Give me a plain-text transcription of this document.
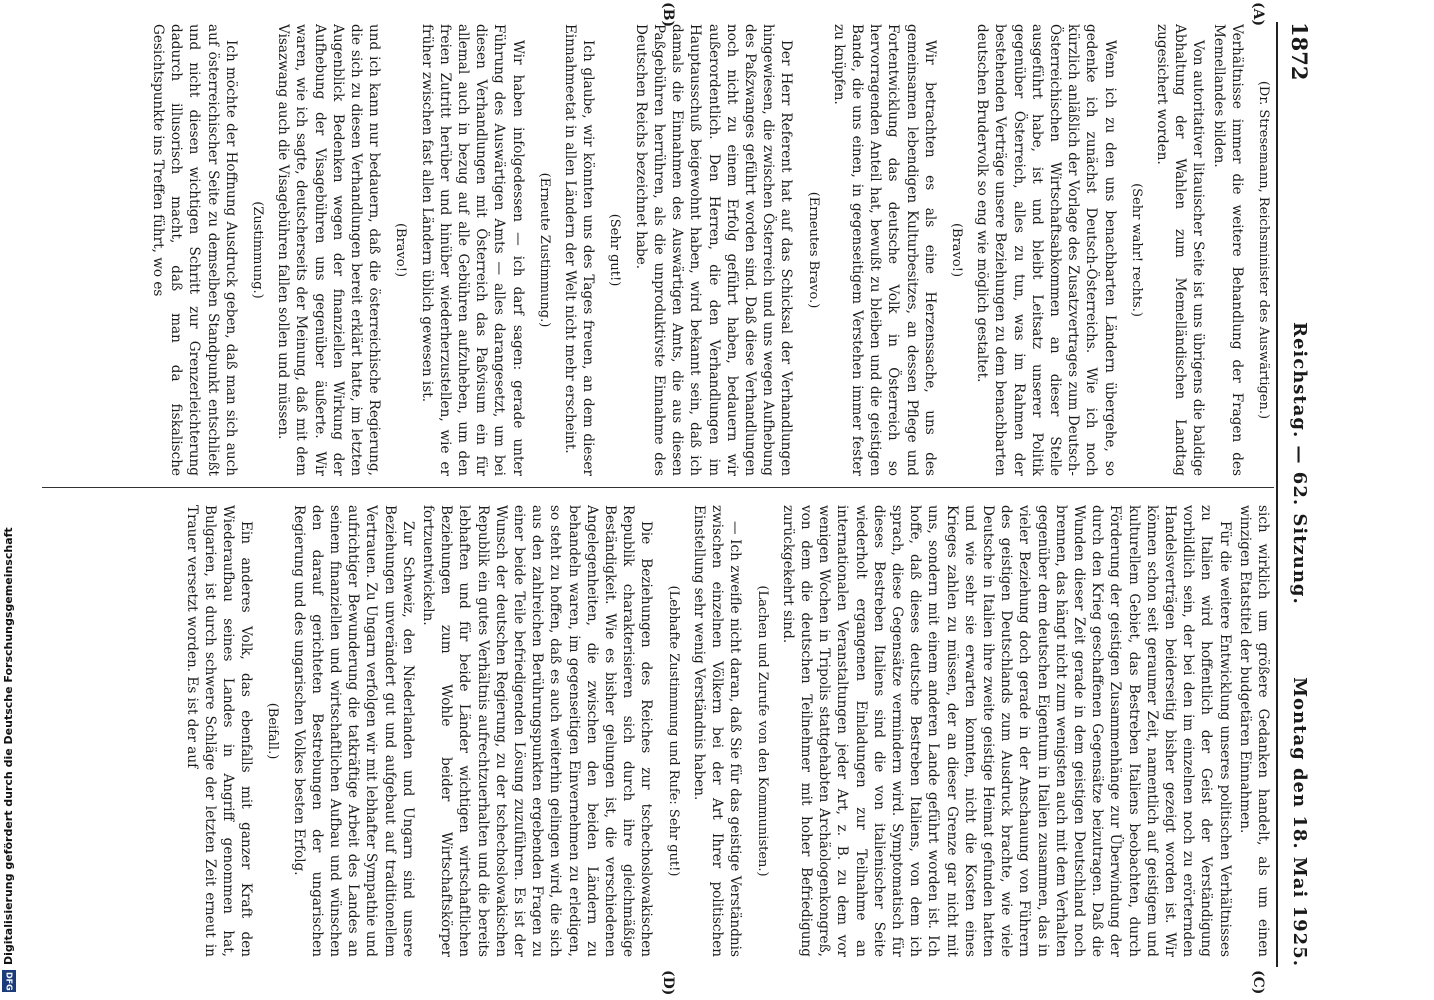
1872
Reichstag. — 62. Sitzung.
Montag den 18. Mai 1925.
(A)
(B)
(C)
(D)

(Dr. Stresemann, Reichsminister des Auswärtigen.)

Verhältnisse immer die weitere Behandlung der Fragen des Memellandes bilden.

Von autoritativer litauischer Seite ist uns übrigens die baldige Abhaltung der Wahlen zum Memelländischen Landtag zugesichert worden.

(Sehr wahr! rechts.)

Wenn ich zu den uns benachbarten Ländern übergehe, so gedenke ich zunächst Deutsch-Österreichs. Wie ich noch kürzlich anläßlich der Vorlage des Zusatzvertrages zum Deutsch-Österreichischen Wirtschaftsabkommen an dieser Stelle ausgeführt habe, ist und bleibt Leitsatz unserer Politik gegenüber Österreich, alles zu tun, was im Rahmen der bestehenden Verträge unsere Beziehungen zu dem benachbarten deutschen Brudervolk so eng wie möglich gestaltet.

(Bravo!)

Wir betrachten es als eine Herzenssache, uns des gemeinsamen lebendigen Kulturbesitzes, an dessen Pflege und Fortentwicklung das deutsche Volk in Österreich so hervorragenden Anteil hat, bewußt zu bleiben und die geistigen Bande, die uns einen, in gegenseitigem Verstehen immer fester zu knüpfen.

(Erneutes Bravo.)

Der Herr Referent hat auf das Schicksal der Verhandlungen hingewiesen, die zwischen Österreich und uns wegen Aufhebung des Paßzwanges geführt worden sind. Daß diese Verhandlungen noch nicht zu einem Erfolg geführt haben, bedauern wir außerordentlich. Den Herren, die den Verhandlungen im Hauptausschuß beigewohnt haben, wird bekannt sein, daß ich damals die Einnahmen des Auswärtigen Amts, die aus diesen Paßgebühren herrühren, als die unproduktivste Einnahme des Deutschen Reichs bezeichnet habe.

(Sehr gut!)

Ich glaube, wir könnten uns des Tages freuen, an dem dieser Einnahmeetat in allen Ländern der Welt nicht mehr erscheint.

(Erneute Zustimmung.)

Wir haben infolgedessen — ich darf sagen: gerade unter Führung des Auswärtigen Amts — alles darangesetzt, um bei diesen Verhandlungen mit Österreich das Paßvisum ein für allemal auch in bezug auf alle Gebühren aufzuheben, um den freien Zutritt herüber und hinüber wiederherzustellen, wie er früher zwischen fast allen Ländern üblich gewesen ist.

(Bravo!)

und ich kann nur bedauern, daß die österreichische Regierung, die sich zu diesen Verhandlungen bereit erklärt hatte, im letzten Augenblick Bedenken wegen der finanziellen Wirkung der Aufhebung der Visagebühren uns gegenüber äußerte. Wir waren, wie ich sagte, deutscherseits der Meinung, daß mit dem Visazwang auch die Visagebühren fallen sollen und müssen.

(Zustimmung.)

Ich möchte der Hoffnung Ausdruck geben, daß man sich auch auf österreichischer Seite zu demselben Standpunkt entschließt und nicht diesen wichtigen Schritt zur Grenzerleichterung dadurch illusorisch macht, daß man da fiskalische Gesichtspunkte ins Treffen führt, wo es

sich wirklich um größere Gedanken handelt, als um einen winzigen Etatstitel der budgetären Einnahmen.

Für die weitere Entwicklung unseres politischen Verhältnisses zu Italien wird hoffentlich der Geist der Verständigung vorbildlich sein, der bei den im einzelnen noch zu erörternden Handelsverträgen beiderseitig bisher gezeigt worden ist. Wir können schon seit geraumer Zeit, namentlich auf geistigem und kulturellem Gebiet, das Bestreben Italiens beobachten, durch Förderung der geistigen Zusammenhänge zur Überwindung der durch den Krieg geschaffenen Gegensätze beizutragen. Daß die Wunden dieser Zeit gerade in dem geistigen Deutschland noch brennen, das hängt nicht zum wenigsten auch mit dem Verhalten gegenüber dem deutschen Eigentum in Italien zusammen, das in vieler Beziehung doch gerade in der Anschauung von Führern des geistigen Deutschlands zum Ausdruck brachte, wie viele Deutsche in Italien ihre zweite geistige Heimat gefunden hatten und wie sehr sie erwarten konnten, nicht die Kosten eines Krieges zahlen zu müssen, der an dieser Grenze gar nicht mit uns, sondern mit einem anderen Lande geführt worden ist. Ich hoffe, daß dieses deutsche Bestreben Italiens, von dem ich sprach, diese Gegensätze vermindern wird. Symptomatisch für dieses Bestreben Italiens sind die von italienischer Seite wiederholt ergangenen Einladungen zur Teilnahme an internationalen Veranstaltungen jeder Art, z. B. zu dem vor wenigen Wochen in Tripolis stattgehabten Archäologenkongreß, von dem die deutschen Teilnehmer mit hoher Befriedigung zurückgekehrt sind.

(Lachen und Zurufe von den Kommunisten.)

— Ich zweifle nicht daran, daß Sie für das geistige Verständnis zwischen einzelnen Völkern bei der Art Ihrer politischen Einstellung sehr wenig Verständnis haben.

(Lebhafte Zustimmung und Rufe: Sehr gut!)

Die Beziehungen des Reiches zur tschechoslowakischen Republik charakterisieren sich durch ihre gleichmäßige Beständigkeit. Wie es bisher gelungen ist, die verschiedenen Angelegenheiten, die zwischen den beiden Ländern zu behandeln waren, im gegenseitigen Einvernehmen zu erledigen, so steht zu hoffen, daß es auch weiterhin gelingen wird, die sich aus den zahlreichen Berührungspunkten ergebenden Fragen zu einer beide Teile befriedigenden Lösung zuzuführen. Es ist der Wunsch der deutschen Regierung, zu der tschechoslowakischen Republik ein gutes Verhältnis aufrechtzuerhalten und die bereits lebhaften und für beide Länder wichtigen wirtschaftlichen Beziehungen zum Wohle beider Wirtschaftskörper fortzuentwickeln.

Zur Schweiz, den Niederlanden und Ungarn sind unsere Beziehungen unverändert gut und aufgebaut auf traditionellem Vertrauen. Zu Ungarn verfolgen wir mit lebhafter Sympathie und aufrichtiger Bewunderung die tatkräftige Arbeit des Landes an seinem finanziellen und wirtschaftlichen Aufbau und wünschen den darauf gerichteten Bestrebungen der ungarischen Regierung und des ungarischen Volkes besten Erfolg.

(Beifall.)

Ein anderes Volk, das ebenfalls mit ganzer Kraft den Wiederaufbau seines Landes in Angriff genommen hat, Bulgarien, ist durch schwere Schläge der letzten Zeit erneut in Trauer versetzt worden. Es ist der auf

DFG
Digitalisierung gefördert durch die Deutsche Forschungsgemeinschaft
